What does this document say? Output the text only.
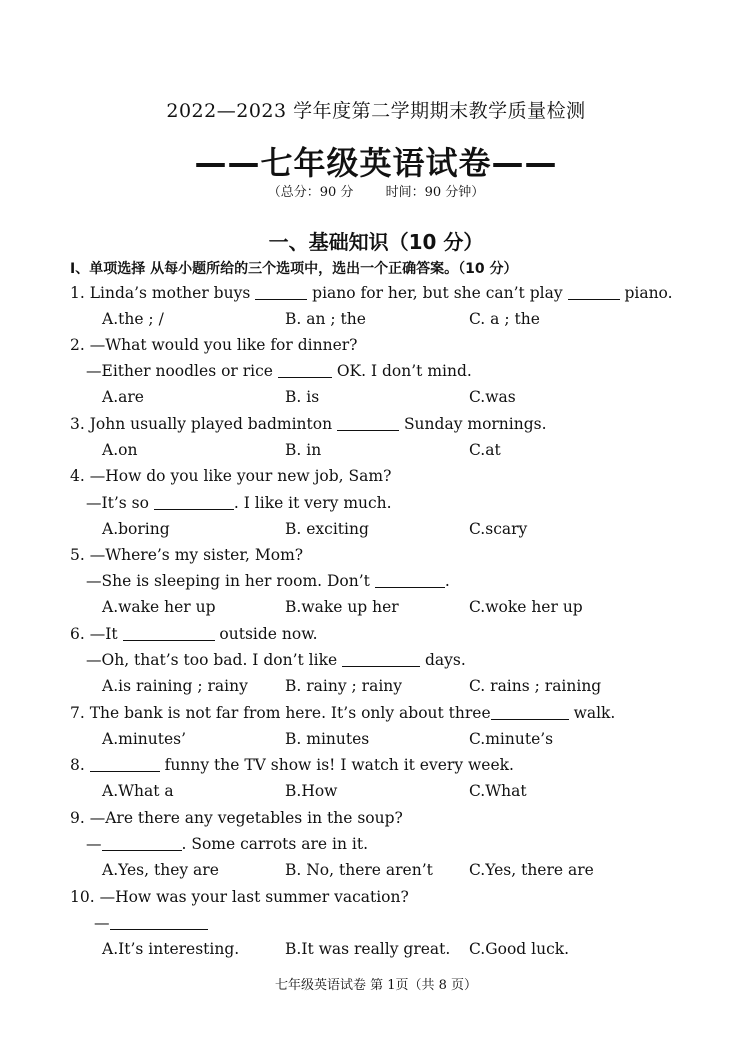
2022—2023 学年度第二学期期末教学质量检测
——七年级英语试卷——
（总分：90 分 时间：90 分钟）
一、基础知识（10 分）
Ⅰ、单项选择 从每小题所给的三个选项中，选出一个正确答案。（10 分）
1. Linda’s mother buys	piano for her, but she can’t play	piano.
A.the ; /	B. an ; the	C. a ; the
2. —What would you like for dinner?
—Either noodles or rice	OK. I don’t mind.
A.are	B. is	C.was
3. John usually played badminton	Sunday mornings.
A.on	B. in	C.at
4. —How do you like your new job, Sam?
—It’s so	. I like it very much.
A.boring	B. exciting	C.scary
5. —Where’s my sister, Mom?
—She is sleeping in her room. Don’t	.
A.wake her up	B.wake up her	C.woke her up
6. —It	outside now.
—Oh, that’s too bad. I don’t like	days.
A.is raining ; rainy B. rainy ; rainy	C. rains ; raining
7. The bank is not far from here. It’s only about three	walk.
A.minutes’	B. minutes	C.minute’s
8.	funny the TV show is! I watch it every week.
A.What a	B.How	C.What
9. —Are there any vegetables in the soup?
—	. Some carrots are in it.
A.Yes, they are	B. No, there aren’t C.Yes, there are
10. —How was your last summer vacation?
—
A.It’s interesting.	B.It was really great. C.Good luck.
七年级英语试卷 第 1页（共 8 页）
